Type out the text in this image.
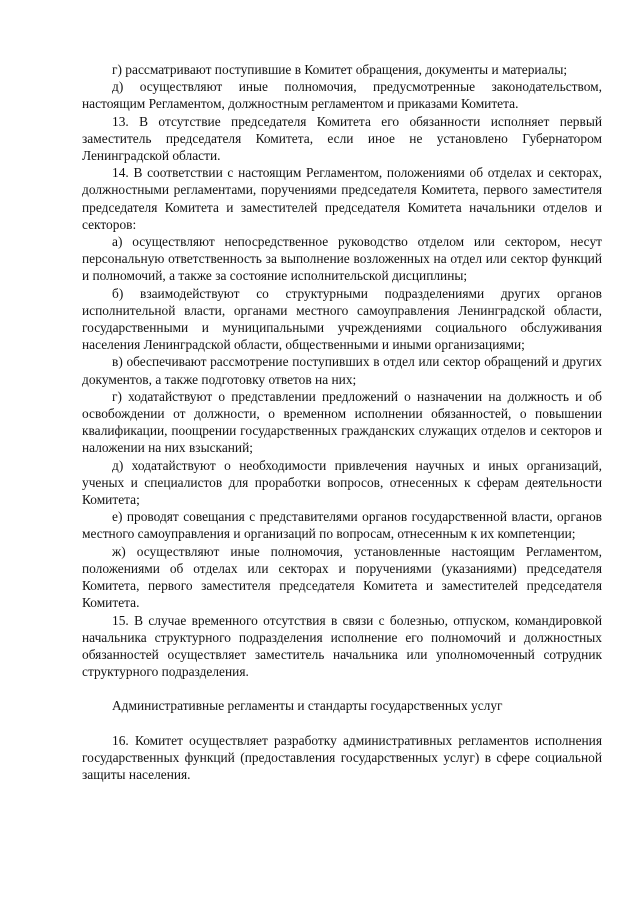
г) рассматривают поступившие в Комитет обращения, документы и материалы;

д) осуществляют иные полномочия, предусмотренные законодательством, настоящим Регламентом, должностным регламентом и приказами Комитета.

13. В отсутствие председателя Комитета его обязанности исполняет первый заместитель председателя Комитета, если иное не установлено Губернатором Ленинградской области.

14. В соответствии с настоящим Регламентом, положениями об отделах и секторах, должностными регламентами, поручениями председателя Комитета, первого заместителя председателя Комитета и заместителей председателя Комитета начальники отделов и секторов:

а) осуществляют непосредственное руководство отделом или сектором, несут персональную ответственность за выполнение возложенных на отдел или сектор функций и полномочий, а также за состояние исполнительской дисциплины;

б) взаимодействуют со структурными подразделениями других органов исполнительной власти, органами местного самоуправления Ленинградской области, государственными и муниципальными учреждениями социального обслуживания населения Ленинградской области, общественными и иными организациями;

в) обеспечивают рассмотрение поступивших в отдел или сектор обращений и других документов, а также подготовку ответов на них;

г) ходатайствуют о представлении предложений о назначении на должность и об освобождении от должности, о временном исполнении обязанностей, о повышении квалификации, поощрении государственных гражданских служащих отделов и секторов и наложении на них взысканий;

д) ходатайствуют о необходимости привлечения научных и иных организаций, ученых и специалистов для проработки вопросов, отнесенных к сферам деятельности Комитета;

е) проводят совещания с представителями органов государственной власти, органов местного самоуправления и организаций по вопросам, отнесенным к их компетенции;

ж) осуществляют иные полномочия, установленные настоящим Регламентом, положениями об отделах или секторах и поручениями (указаниями) председателя Комитета, первого заместителя председателя Комитета и заместителей председателя Комитета.

15. В случае временного отсутствия в связи с болезнью, отпуском, командировкой начальника структурного подразделения исполнение его полномочий и должностных обязанностей осуществляет заместитель начальника или уполномоченный сотрудник структурного подразделения.

Административные регламенты и стандарты государственных услуг

16. Комитет осуществляет разработку административных регламентов исполнения государственных функций (предоставления государственных услуг) в сфере социальной защиты населения.
